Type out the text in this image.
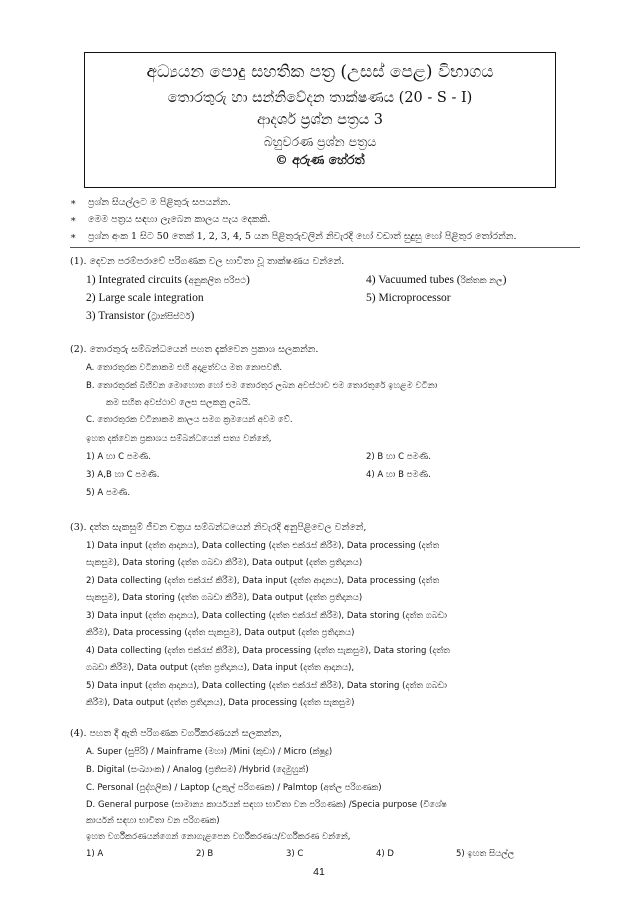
අධ්‍යයන පොදු සහතික පත්‍ර (උසස් පෙළ) විභාගය

තොරතුරු හා සන්නිවේදන තාක්ෂණය (20 - S - I)

ආදර්ශ ප්‍රශ්න පත්‍රය 3

බහුවරණ ප්‍රශ්න පත්‍රය

© අරුණ හේරත්

∗ ප්‍රශ්න සියල්ලට ම පිළිතුරු සපයන්න.
∗ මෙම පත්‍රය සඳහා ලැබෙන කාලය පැය දෙකකි.
∗ ප්‍රශ්න අංක 1 සිට 50 තෙක් 1, 2, 3, 4, 5 යන පිළිතුරුවලින් නිවැරදි හෝ වඩාත් සුදුසු හෝ පිළිතුර තෝරන්න.
(1). දෙවන පරම්පරාවේ පරිගණක වල භාවිතා වූ තාක්ෂණය වන්නේ.
1) Integrated circuits (අනුකලිත පරිපථ)	4) Vacuumed tubes (රික්තක නල)
2) Large scale integration	5) Microprocessor
3) Transistor (ට්‍රාන්සිස්ටර්)
(2). තොරතුරු සම්බන්ධයෙන් පහත දැක්වෙන ප්‍රකාශ සලකන්න.
A. තොරතුරක වටිනාකම එහි අදාළත්වය මත නොපවතී.
B. තොරතුරක් බිහිවන මොහොත හෝ එම තොරතුර ලබන අවස්ථාව එම තොරතුරේ ඉහළම වටිනා
කම සහිත අවස්ථාව ලෙස සලකනු ලබයි.
C. තොරතුරක වටිනාකම කාලය සමග ක්‍රමයෙන් අවම වේ.
ඉහත දක්වෙන ප්‍රකාශය සම්බන්ධයෙන් සත්‍ය වන්නේ,
1) A හා C පමණි.	2) B හා C පමණි.
3) A,B හා C පමණි.	4) A හා B පමණි.
5) A පමණි.
(3). දත්ත සැකසුම් ජීවන චක්‍රය සම්බන්ධයෙන් නිවැරදි අනුපිළිවෙල වන්නේ,
1) Data input (දත්ත ආදානය), Data collecting (දත්ත එක්රැස් කිරීම), Data processing (දත්ත
සැකසුම), Data storing (දත්ත ගබඩා කිරීම), Data output (දත්ත ප්‍රතිදානය)
2) Data collecting (දත්ත එක්රැස් කිරීම), Data input (දත්ත ආදානය), Data processing (දත්ත
සැකසුම), Data storing (දත්ත ගබඩා කිරීම), Data output (දත්ත ප්‍රතිදානය)
3) Data input (දත්ත ආදානය), Data collecting (දත්ත එක්රැස් කිරීම), Data storing (දත්ත ගබඩා
කිරීම), Data processing (දත්ත සැකසුම), Data output (දත්ත ප්‍රතිදානය)
4) Data collecting (දත්ත එක්රැස් කිරීම), Data processing (දත්ත සැකසුම), Data storing (දත්ත
ගබඩා කිරීම), Data output (දත්ත ප්‍රතිදානය), Data input (දත්ත ආදානය),
5) Data input (දත්ත ආදානය), Data collecting (දත්ත එක්රැස් කිරීම), Data storing (දත්ත ගබඩා
කිරීම), Data output (දත්ත ප්‍රතිදානය), Data processing (දත්ත සැකසුම)
(4). පහත දී ඇති පරිගණක වර්ගීකරණයන් සලකන්න,
A. Super (සුපිරි) / Mainframe (මහා) /Mini (කුඩා) / Micro (ක්ෂුද්‍ර)
B. Digital (සංඛ්‍යාංක) / Analog (ප්‍රතිසම) /Hybrid (දෙමුහුන්)
C. Personal (පුද්ගලික) / Laptop (උකුල් පරිගණක) / Palmtop (අත්ල පරිගණක)
D. General purpose (සාමාන්‍ය කාර්යයන් සඳහා භාවිතා වන පරිගණක) /Specia purpose (විශේෂ
කාර්යන් සඳහා භාවිතා වන පරිගණක)
ඉහත වර්ගීකරණයන්ගෙන් නොගැළපෙන වර්ගීකරණය/වර්ගීකරණ වන්නේ,
1) A	2) B	3) C	4) D	5) ඉහත සියල්ල
41
